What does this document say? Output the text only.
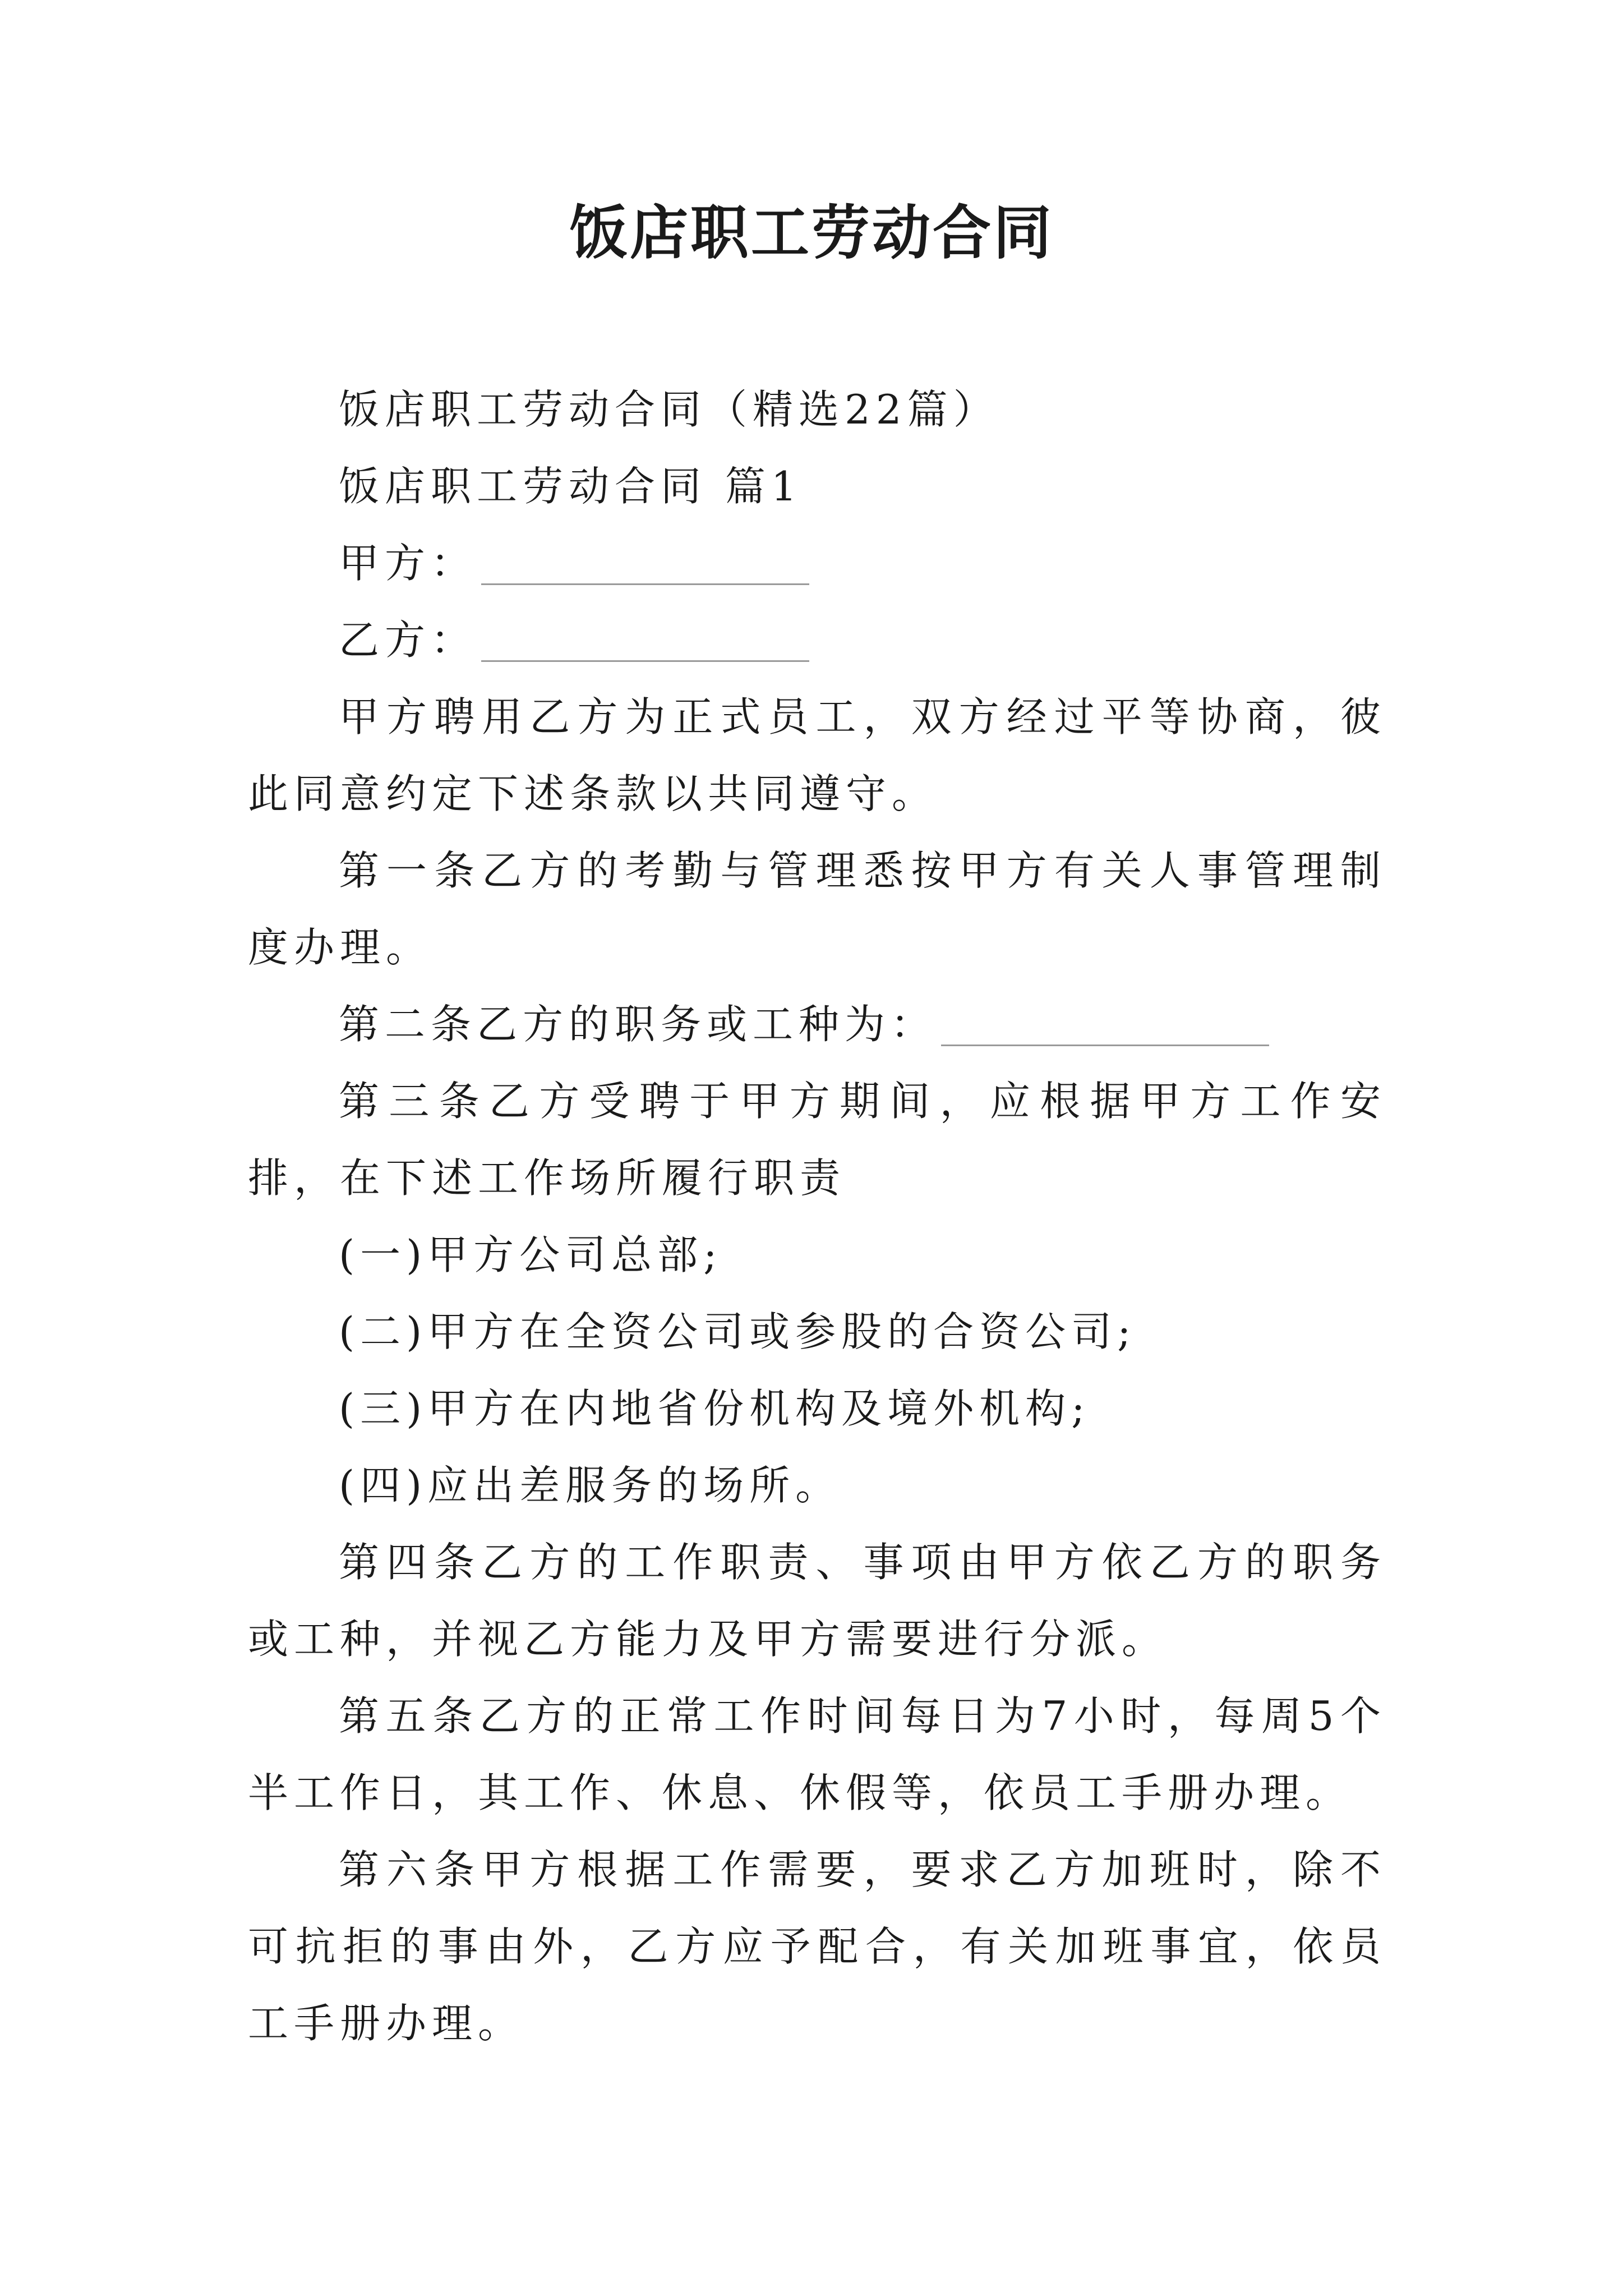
饭店职工劳动合同

饭店职工劳动合同（精选22篇）

饭店职工劳动合同 篇1

甲方：

乙方：

甲方聘用乙方为正式员工，双方经过平等协商，彼此同意约定下述条款以共同遵守。

第一条乙方的考勤与管理悉按甲方有关人事管理制度办理。

第二条乙方的职务或工种为：

第三条乙方受聘于甲方期间，应根据甲方工作安排，在下述工作场所履行职责

(一)甲方公司总部;

(二)甲方在全资公司或参股的合资公司;

(三)甲方在内地省份机构及境外机构;

(四)应出差服务的场所。

第四条乙方的工作职责、事项由甲方依乙方的职务或工种，并视乙方能力及甲方需要进行分派。

第五条乙方的正常工作时间每日为7小时，每周5个半工作日，其工作、休息、休假等，依员工手册办理。

第六条甲方根据工作需要，要求乙方加班时，除不可抗拒的事由外，乙方应予配合，有关加班事宜，依员工手册办理。
